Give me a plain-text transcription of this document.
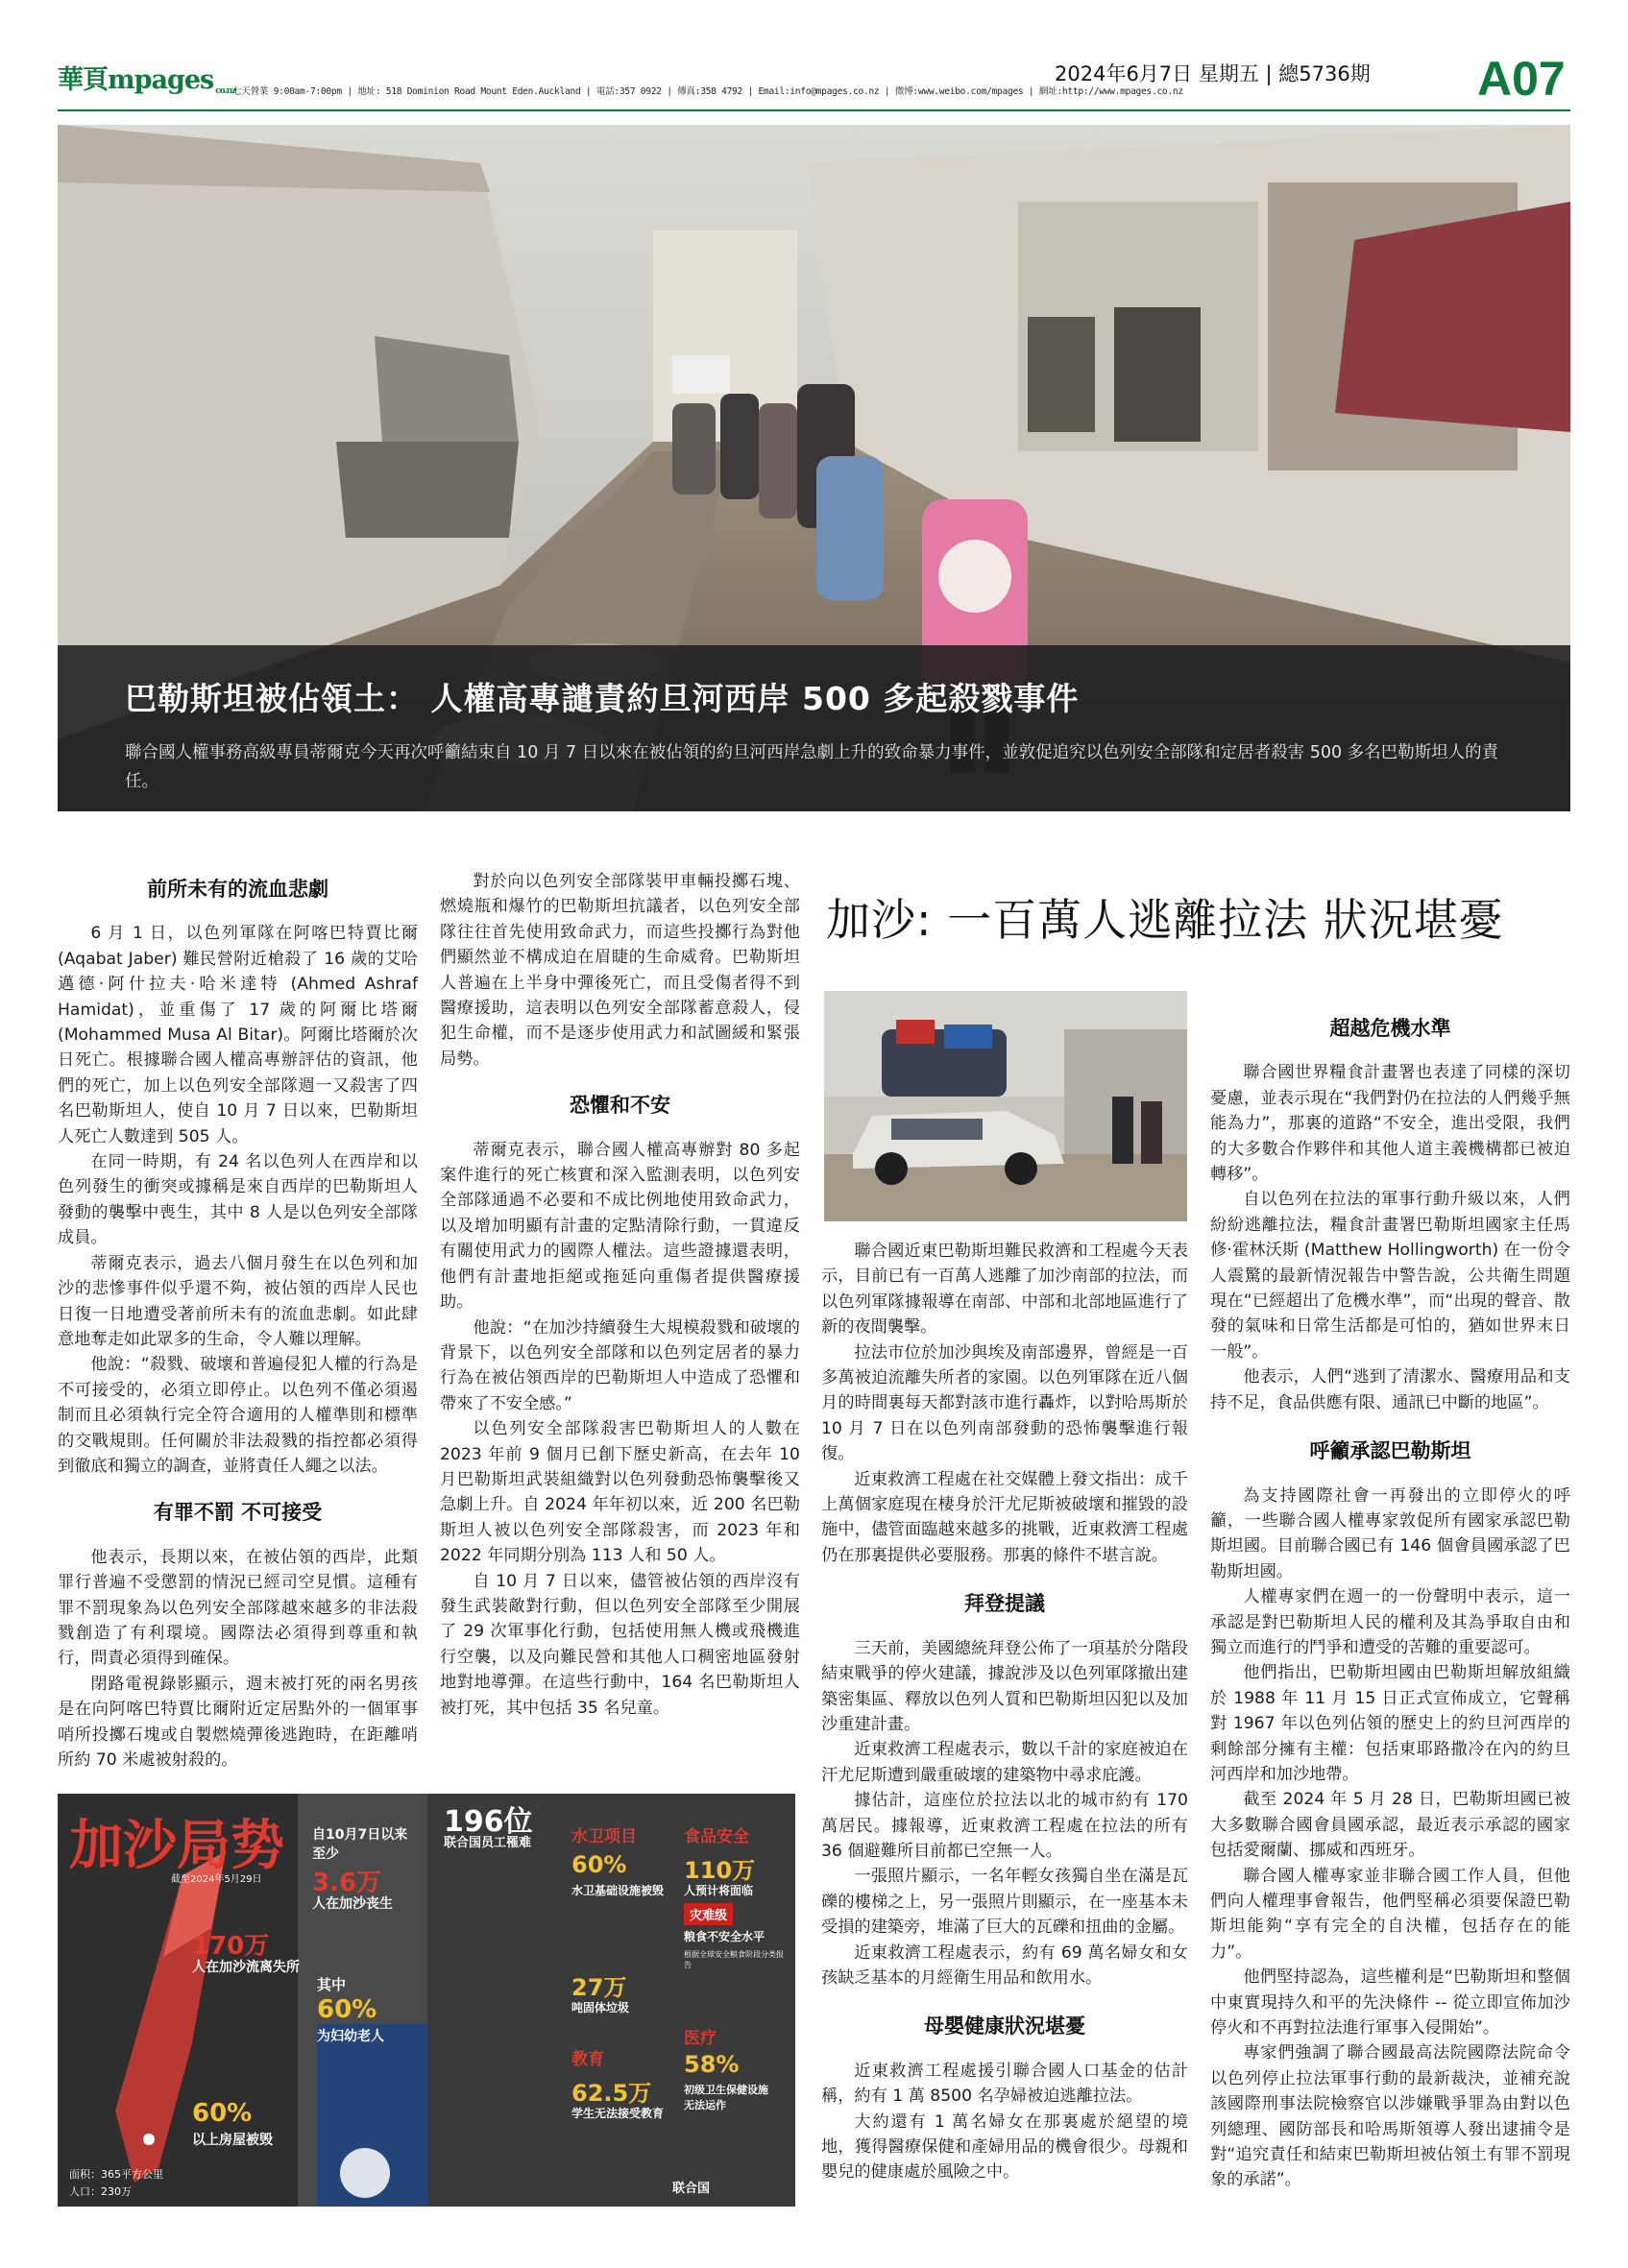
華頁mpages co.nz
七天營業 9:00am-7:00pm | 地址: 518 Dominion Road Mount Eden.Auckland | 電話:357 0922 | 傳真:358 4792 | Email:info@mpages.co.nz | 微博:www.weibo.com/mpages | 網址:http://www.mpages.co.nz
2024年6月7日 星期五 | 總5736期 A07
巴勒斯坦被佔領土： 人權高專譴責約旦河西岸 500 多起殺戮事件
聯合國人權事務高級專員蒂爾克今天再次呼籲結束自 10 月 7 日以來在被佔領的約旦河西岸急劇上升的致命暴力事件，並敦促追究以色列安全部隊和定居者殺害 500 多名巴勒斯坦人的責任。
前所未有的流血悲劇

6 月 1 日，以色列軍隊在阿喀巴特賈比爾 (Aqabat Jaber) 難民營附近槍殺了 16 歲的艾哈邁德·阿什拉夫·哈米達特 (Ahmed Ashraf Hamidat)，並重傷了 17 歲的阿爾比塔爾 (Mohammed Musa Al Bitar)。阿爾比塔爾於次日死亡。根據聯合國人權高專辦評估的資訊，他們的死亡，加上以色列安全部隊週一又殺害了四名巴勒斯坦人，使自 10 月 7 日以來，巴勒斯坦人死亡人數達到 505 人。

在同一時期，有 24 名以色列人在西岸和以色列發生的衝突或據稱是來自西岸的巴勒斯坦人發動的襲擊中喪生，其中 8 人是以色列安全部隊成員。

蒂爾克表示，過去八個月發生在以色列和加沙的悲慘事件似乎還不夠，被佔領的西岸人民也日復一日地遭受著前所未有的流血悲劇。如此肆意地奪走如此眾多的生命，令人難以理解。

他說：“殺戮、破壞和普遍侵犯人權的行為是不可接受的，必須立即停止。以色列不僅必須遏制而且必須執行完全符合適用的人權準則和標準的交戰規則。任何關於非法殺戮的指控都必須得到徹底和獨立的調查，並將責任人繩之以法。

有罪不罰 不可接受

他表示，長期以來，在被佔領的西岸，此類罪行普遍不受懲罰的情況已經司空見慣。這種有罪不罰現象為以色列安全部隊越來越多的非法殺戮創造了有利環境。國際法必須得到尊重和執行，問責必須得到確保。

閉路電視錄影顯示，週末被打死的兩名男孩是在向阿喀巴特賈比爾附近定居點外的一個軍事哨所投擲石塊或自製燃燒彈後逃跑時，在距離哨所約 70 米處被射殺的。

對於向以色列安全部隊裝甲車輛投擲石塊、燃燒瓶和爆竹的巴勒斯坦抗議者，以色列安全部隊往往首先使用致命武力，而這些投擲行為對他們顯然並不構成迫在眉睫的生命威脅。巴勒斯坦人普遍在上半身中彈後死亡，而且受傷者得不到醫療援助，這表明以色列安全部隊蓄意殺人，侵犯生命權，而不是逐步使用武力和試圖緩和緊張局勢。

恐懼和不安

蒂爾克表示，聯合國人權高專辦對 80 多起案件進行的死亡核實和深入監測表明，以色列安全部隊通過不必要和不成比例地使用致命武力，以及增加明顯有計畫的定點清除行動，一貫違反有關使用武力的國際人權法。這些證據還表明，他們有計畫地拒絕或拖延向重傷者提供醫療援助。

他說：“在加沙持續發生大規模殺戮和破壞的背景下，以色列安全部隊和以色列定居者的暴力行為在被佔領西岸的巴勒斯坦人中造成了恐懼和帶來了不安全感。”

以色列安全部隊殺害巴勒斯坦人的人數在 2023 年前 9 個月已創下歷史新高，在去年 10 月巴勒斯坦武裝組織對以色列發動恐怖襲擊後又急劇上升。自 2024 年年初以來，近 200 名巴勒斯坦人被以色列安全部隊殺害，而 2023 年和 2022 年同期分別為 113 人和 50 人。

自 10 月 7 日以來，儘管被佔領的西岸沒有發生武裝敵對行動，但以色列安全部隊至少開展了 29 次軍事化行動，包括使用無人機或飛機進行空襲，以及向難民營和其他人口稠密地區發射地對地導彈。在這些行動中，164 名巴勒斯坦人被打死，其中包括 35 名兒童。

加沙: 一百萬人逃離拉法 狀況堪憂

聯合國近東巴勒斯坦難民救濟和工程處今天表示，目前已有一百萬人逃離了加沙南部的拉法，而以色列軍隊據報導在南部、中部和北部地區進行了新的夜間襲擊。

拉法市位於加沙與埃及南部邊界，曾經是一百多萬被迫流離失所者的家園。以色列軍隊在近八個月的時間裏每天都對該市進行轟炸，以對哈馬斯於 10 月 7 日在以色列南部發動的恐怖襲擊進行報復。

近東救濟工程處在社交媒體上發文指出：成千上萬個家庭現在棲身於汗尤尼斯被破壞和摧毀的設施中，儘管面臨越來越多的挑戰，近東救濟工程處仍在那裏提供必要服務。那裏的條件不堪言說。

拜登提議

三天前，美國總統拜登公佈了一項基於分階段結束戰爭的停火建議，據說涉及以色列軍隊撤出建築密集區、釋放以色列人質和巴勒斯坦囚犯以及加沙重建計畫。

近東救濟工程處表示，數以千計的家庭被迫在汗尤尼斯遭到嚴重破壞的建築物中尋求庇護。

據估計，這座位於拉法以北的城市約有 170 萬居民。據報導，近東救濟工程處在拉法的所有 36 個避難所目前都已空無一人。

一張照片顯示，一名年輕女孩獨自坐在滿是瓦礫的樓梯之上，另一張照片則顯示，在一座基本未受損的建築旁，堆滿了巨大的瓦礫和扭曲的金屬。

近東救濟工程處表示，約有 69 萬名婦女和女孩缺乏基本的月經衛生用品和飲用水。

母嬰健康狀況堪憂

近東救濟工程處援引聯合國人口基金的估計稱，約有 1 萬 8500 名孕婦被迫逃離拉法。

大約還有 1 萬名婦女在那裏處於絕望的境地，獲得醫療保健和產婦用品的機會很少。母親和嬰兒的健康處於風險之中。

超越危機水準

聯合國世界糧食計畫署也表達了同樣的深切憂慮，並表示現在“我們對仍在拉法的人們幾乎無能為力”，那裏的道路“不安全，進出受限，我們的大多數合作夥伴和其他人道主義機構都已被迫轉移”。

自以色列在拉法的軍事行動升級以來，人們紛紛逃離拉法，糧食計畫署巴勒斯坦國家主任馬修·霍林沃斯 (Matthew Hollingworth) 在一份令人震驚的最新情況報告中警告說，公共衛生問題現在“已經超出了危機水準”，而“出現的聲音、散發的氣味和日常生活都是可怕的，猶如世界末日一般”。

他表示，人們“逃到了清潔水、醫療用品和支持不足，食品供應有限、通訊已中斷的地區”。

呼籲承認巴勒斯坦

為支持國際社會一再發出的立即停火的呼籲，一些聯合國人權專家敦促所有國家承認巴勒斯坦國。目前聯合國已有 146 個會員國承認了巴勒斯坦國。

人權專家們在週一的一份聲明中表示，這一承認是對巴勒斯坦人民的權利及其為爭取自由和獨立而進行的鬥爭和遭受的苦難的重要認可。

他們指出，巴勒斯坦國由巴勒斯坦解放組織於 1988 年 11 月 15 日正式宣佈成立，它聲稱對 1967 年以色列佔領的歷史上的約旦河西岸的剩餘部分擁有主權：包括東耶路撒冷在內的約旦河西岸和加沙地帶。

截至 2024 年 5 月 28 日，巴勒斯坦國已被大多數聯合國會員國承認，最近表示承認的國家包括愛爾蘭、挪威和西班牙。

聯合國人權專家並非聯合國工作人員，但他們向人權理事會報告，他們堅稱必須要保證巴勒斯坦能夠“享有完全的自決權，包括存在的能力”。

他們堅持認為，這些權利是“巴勒斯坦和整個中東實現持久和平的先決條件 -- 從立即宣佈加沙停火和不再對拉法進行軍事入侵開始”。

專家們強調了聯合國最高法院國際法院命令以色列停止拉法軍事行動的最新裁決，並補充說該國際刑事法院檢察官以涉嫌戰爭罪為由對以色列總理、國防部長和哈馬斯領導人發出逮捕令是 對“追究責任和結束巴勒斯坦被佔領土有罪不罰現象的承諾”。

加沙局势
截至2024年5月29日
自10月7日以来
至少
3.6万
人在加沙丧生
170万
人在加沙流离失所
其中
60%
为妇幼老人
60%
以上房屋被毁
面积：365平方公里
人口：230万
196位
联合国员工罹难 水卫项目
60%
水卫基础设施被毁
27万
吨固体垃圾
食品安全
110万
人预计将面临
灾难级
粮食不安全水平
根据全球安全粮食阶段分类报告
教育
62.5万
学生无法接受教育
医疗
58%
初级卫生保健设施
无法运作
联合国
